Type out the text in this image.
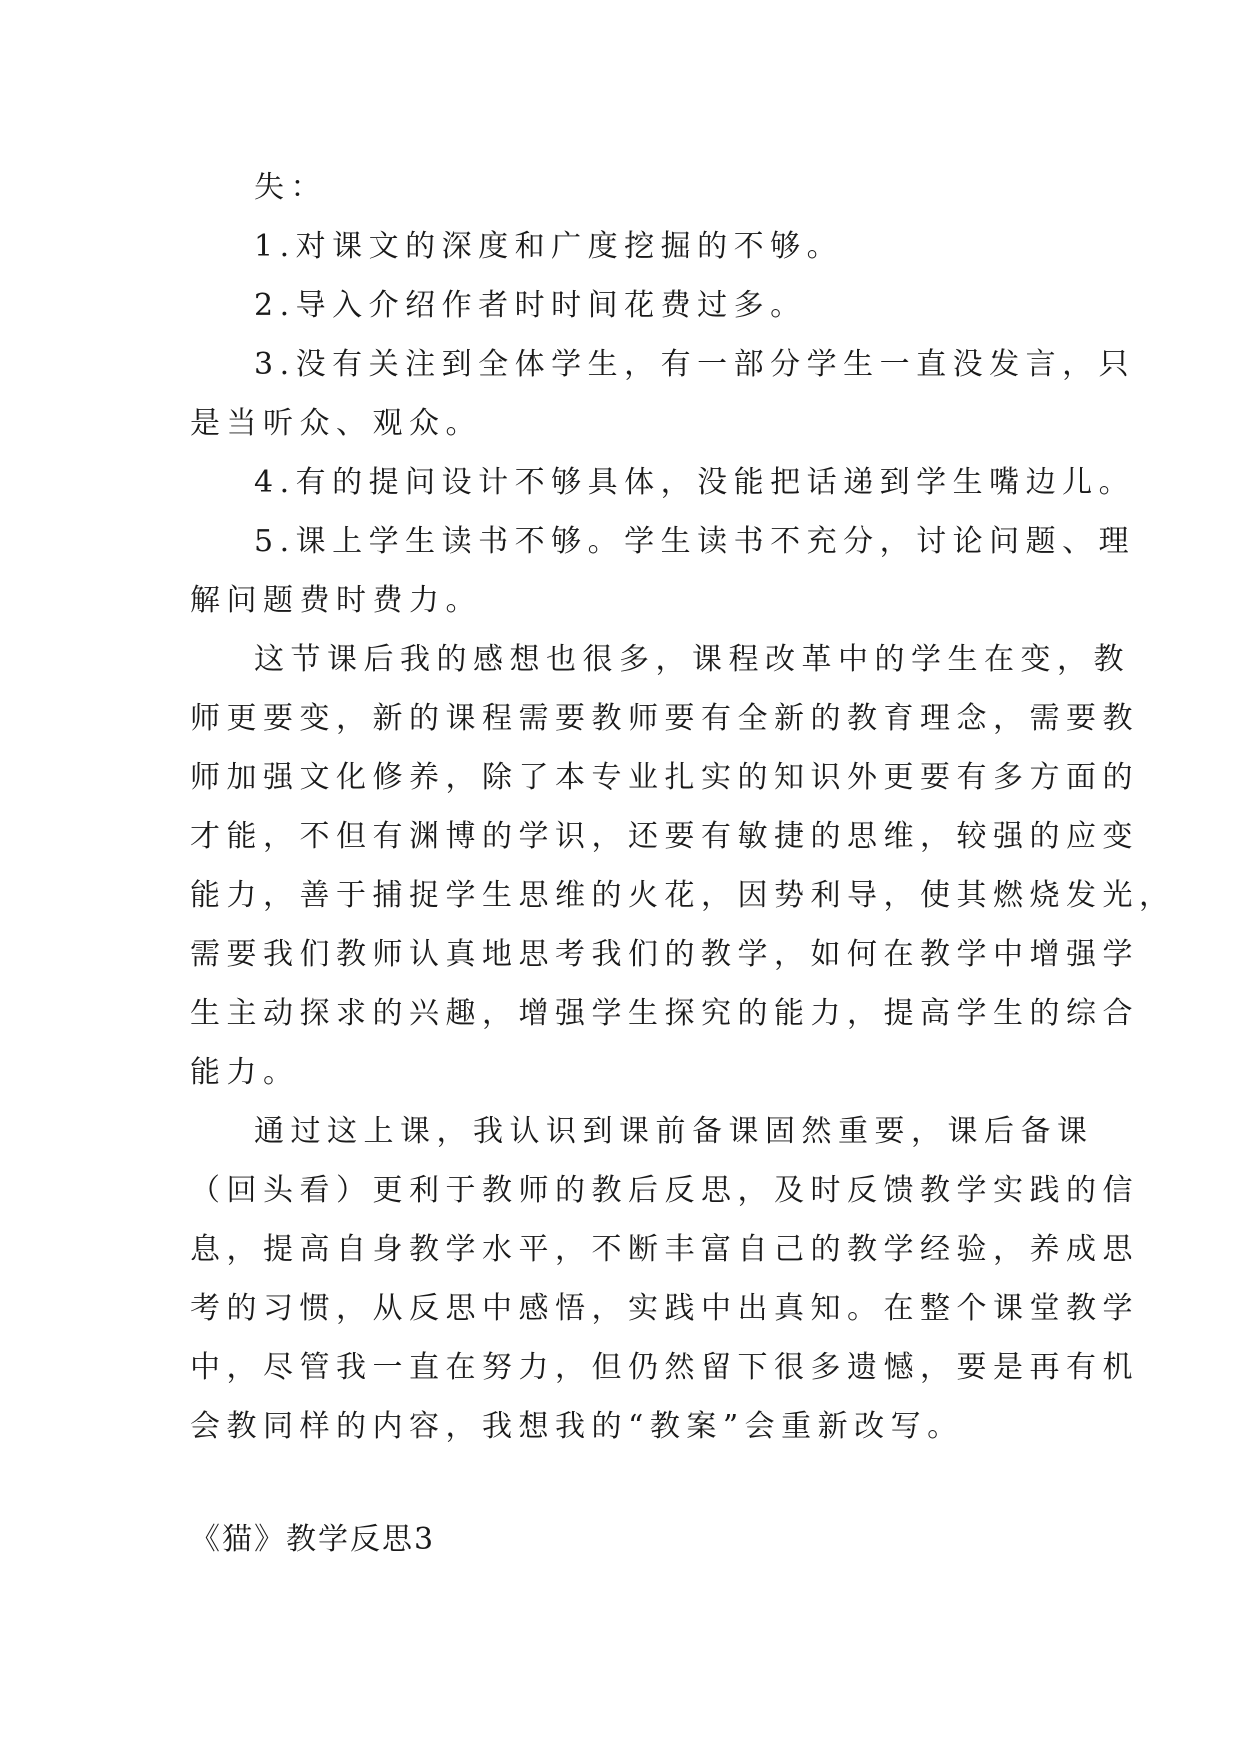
失：
1.对课文的深度和广度挖掘的不够。
2.导入介绍作者时时间花费过多。
3.没有关注到全体学生，有一部分学生一直没发言，只
是当听众、观众。
4.有的提问设计不够具体，没能把话递到学生嘴边儿。
5.课上学生读书不够。学生读书不充分，讨论问题、理
解问题费时费力。
这节课后我的感想也很多，课程改革中的学生在变，教
师更要变，新的课程需要教师要有全新的教育理念，需要教
师加强文化修养，除了本专业扎实的知识外更要有多方面的
才能，不但有渊博的学识，还要有敏捷的思维，较强的应变
能力，善于捕捉学生思维的火花，因势利导，使其燃烧发光，
需要我们教师认真地思考我们的教学，如何在教学中增强学
生主动探求的兴趣，增强学生探究的能力，提高学生的综合
能力。
通过这上课，我认识到课前备课固然重要，课后备课
（回头看）更利于教师的教后反思，及时反馈教学实践的信
息，提高自身教学水平，不断丰富自己的教学经验，养成思
考的习惯，从反思中感悟，实践中出真知。在整个课堂教学
中，尽管我一直在努力，但仍然留下很多遗憾，要是再有机
会教同样的内容，我想我的“教案”会重新改写。
《猫》教学反思3
